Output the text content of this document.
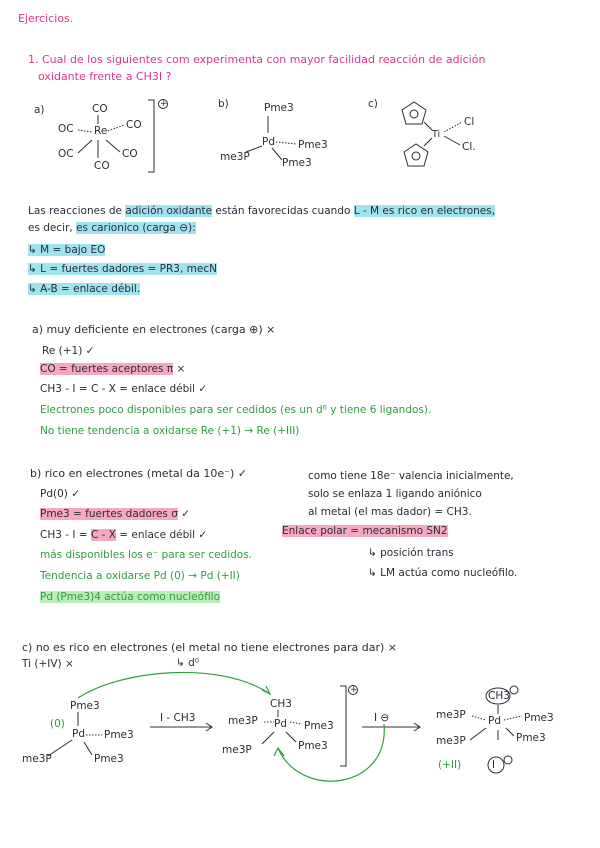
Ejercicios.
1. Cual de los siguientes com experimenta con mayor facilidad reacción de adición
oxidante frente a CH3I ?
a)	CO
OC Re CO
OC	CO
CO
+	b)	Pme3
Pd Pme3
me3P	Pme3
c)
Ti
Cl
Cl.
Las reacciones de adición oxidante están favorecidas cuando L - M es rico en electrones,
es decir, es carionico (carga ⊖):
↳ M = bajo EO
↳ L = fuertes dadores = PR3, mecN
↳ A-B = enlace débil.
a) muy deficiente en electrones (carga ⊕) ×
Re (+1) ✓
CO = fuertes aceptores π ×
CH3 - I = C - X = enlace débil ✓
Electrones poco disponibles para ser cedidos (es un d⁶ y tiene 6 ligandos).
No tiene tendencia a oxidarse Re (+1) → Re (+III)
b) rico en electrones (metal da 10e⁻) ✓
Pd(0) ✓
Pme3 = fuertes dadores σ ✓
CH3 - I = C - X = enlace débil ✓
más disponibles los e⁻ para ser cedidos.
Tendencia a oxidarse Pd (0) → Pd (+II)
Pd (Pme3)4 actúa como nucleófilo
Enlace polar = mecanismo SN2
↳ posición trans
↳ LM actúa como nucleófilo.
como tiene 18e⁻ valencia inicialmente,
solo se enlaza 1 ligando aniónico
al metal (el mas dador) = CH3.
c) no es rico en electrones (el metal no tiene electrones para dar) ×
Ti (+IV) ×	↳ d⁰
(0)
Pme3
Pd Pme3
me3P	Pme3
I - CH3
CH3
me3P Pd Pme3
me3P	Pme3
+
I ⊖
CH3
me3P Pd Pme3
me3P	Pme3
(+II)	I
